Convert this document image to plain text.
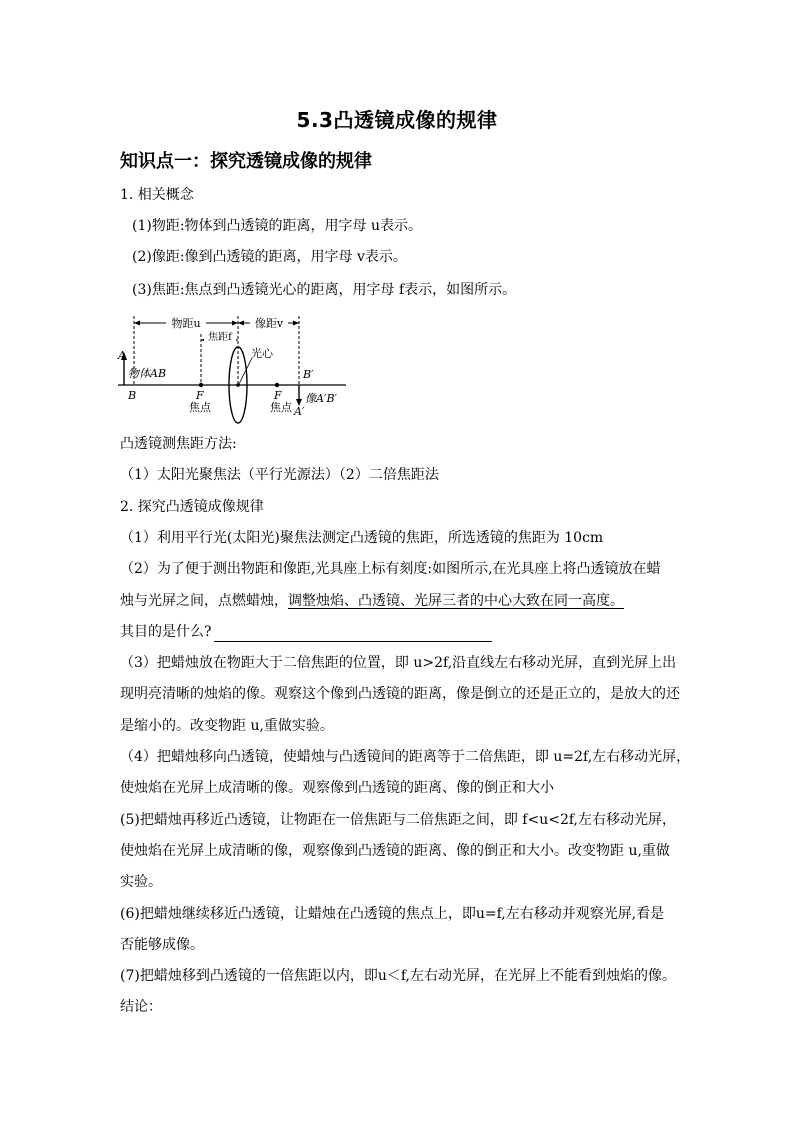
5.3凸透镜成像的规律
知识点一：探究透镜成像的规律
1. 相关概念
(1)物距:物体到凸透镜的距离，用字母 u表示。
(2)像距:像到凸透镜的距离，用字母 v表示。
(3)焦距:焦点到凸透镜光心的距离，用字母 f表示，如图所示。
物距u	像距v
焦距f
光心
A
物体AB
B	F
焦点
F
焦点
B′
像A′B′
A′
凸透镜测焦距方法:
（1）太阳光聚焦法（平行光源法）（2）二倍焦距法
2. 探究凸透镜成像规律
（1）利用平行光(太阳光)聚焦法测定凸透镜的焦距，所选透镜的焦距为 10cm
（2）为了便于测出物距和像距,光具座上标有刻度:如图所示,在光具座上将凸透镜放在蜡
烛与光屏之间，点燃蜡烛，调整烛焰、凸透镜、光屏三者的中心大致在同一高度。
其目的是什么?
（3）把蜡烛放在物距大于二倍焦距的位置，即 u>2f,沿直线左右移动光屏，直到光屏上出
现明亮清晰的烛焰的像。观察这个像到凸透镜的距离，像是倒立的还是正立的，是放大的还
是缩小的。改变物距 u,重做实验。
（4）把蜡烛移向凸透镜，使蜡烛与凸透镜间的距离等于二倍焦距，即 u=2f,左右移动光屏，
使烛焰在光屏上成清晰的像。观察像到凸透镜的距离、像的倒正和大小
(5)把蜡烛再移近凸透镜，让物距在一倍焦距与二倍焦距之间，即 f<u<2f,左右移动光屏，
使烛焰在光屏上成清晰的像，观察像到凸透镜的距离、像的倒正和大小。改变物距 u,重做
实验。
(6)把蜡烛继续移近凸透镜，让蜡烛在凸透镜的焦点上，即u=f,左右移动并观察光屏,看是
否能够成像。
(7)把蜡烛移到凸透镜的一倍焦距以内，即u＜f,左右动光屏，在光屏上不能看到烛焰的像。
结论：
